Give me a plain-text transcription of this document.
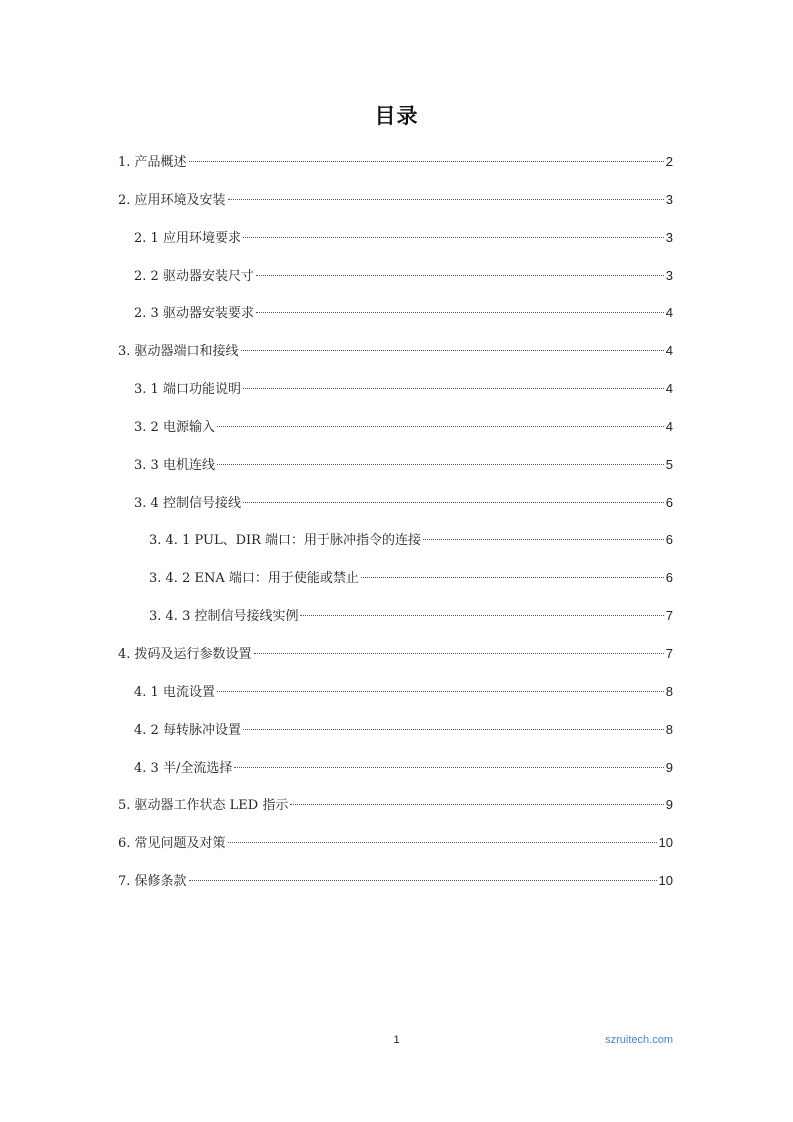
目录
1. 产品概述	2
2. 应用环境及安装	3
2. 1 应用环境要求	3
2. 2 驱动器安装尺寸	3
2. 3 驱动器安装要求	4
3. 驱动器端口和接线	4
3. 1 端口功能说明	4
3. 2 电源输入	4
3. 3 电机连线	5
3. 4 控制信号接线	6
3. 4. 1 PUL、DIR 端口：用于脉冲指令的连接	6
3. 4. 2 ENA 端口：用于使能或禁止	6
3. 4. 3 控制信号接线实例	7
4. 拨码及运行参数设置	7
4. 1 电流设置	8
4. 2 每转脉冲设置	8
4. 3 半/全流选择	9
5. 驱动器工作状态 LED 指示	9
6. 常见问题及对策	10
7. 保修条款	10
1	szruitech.com
